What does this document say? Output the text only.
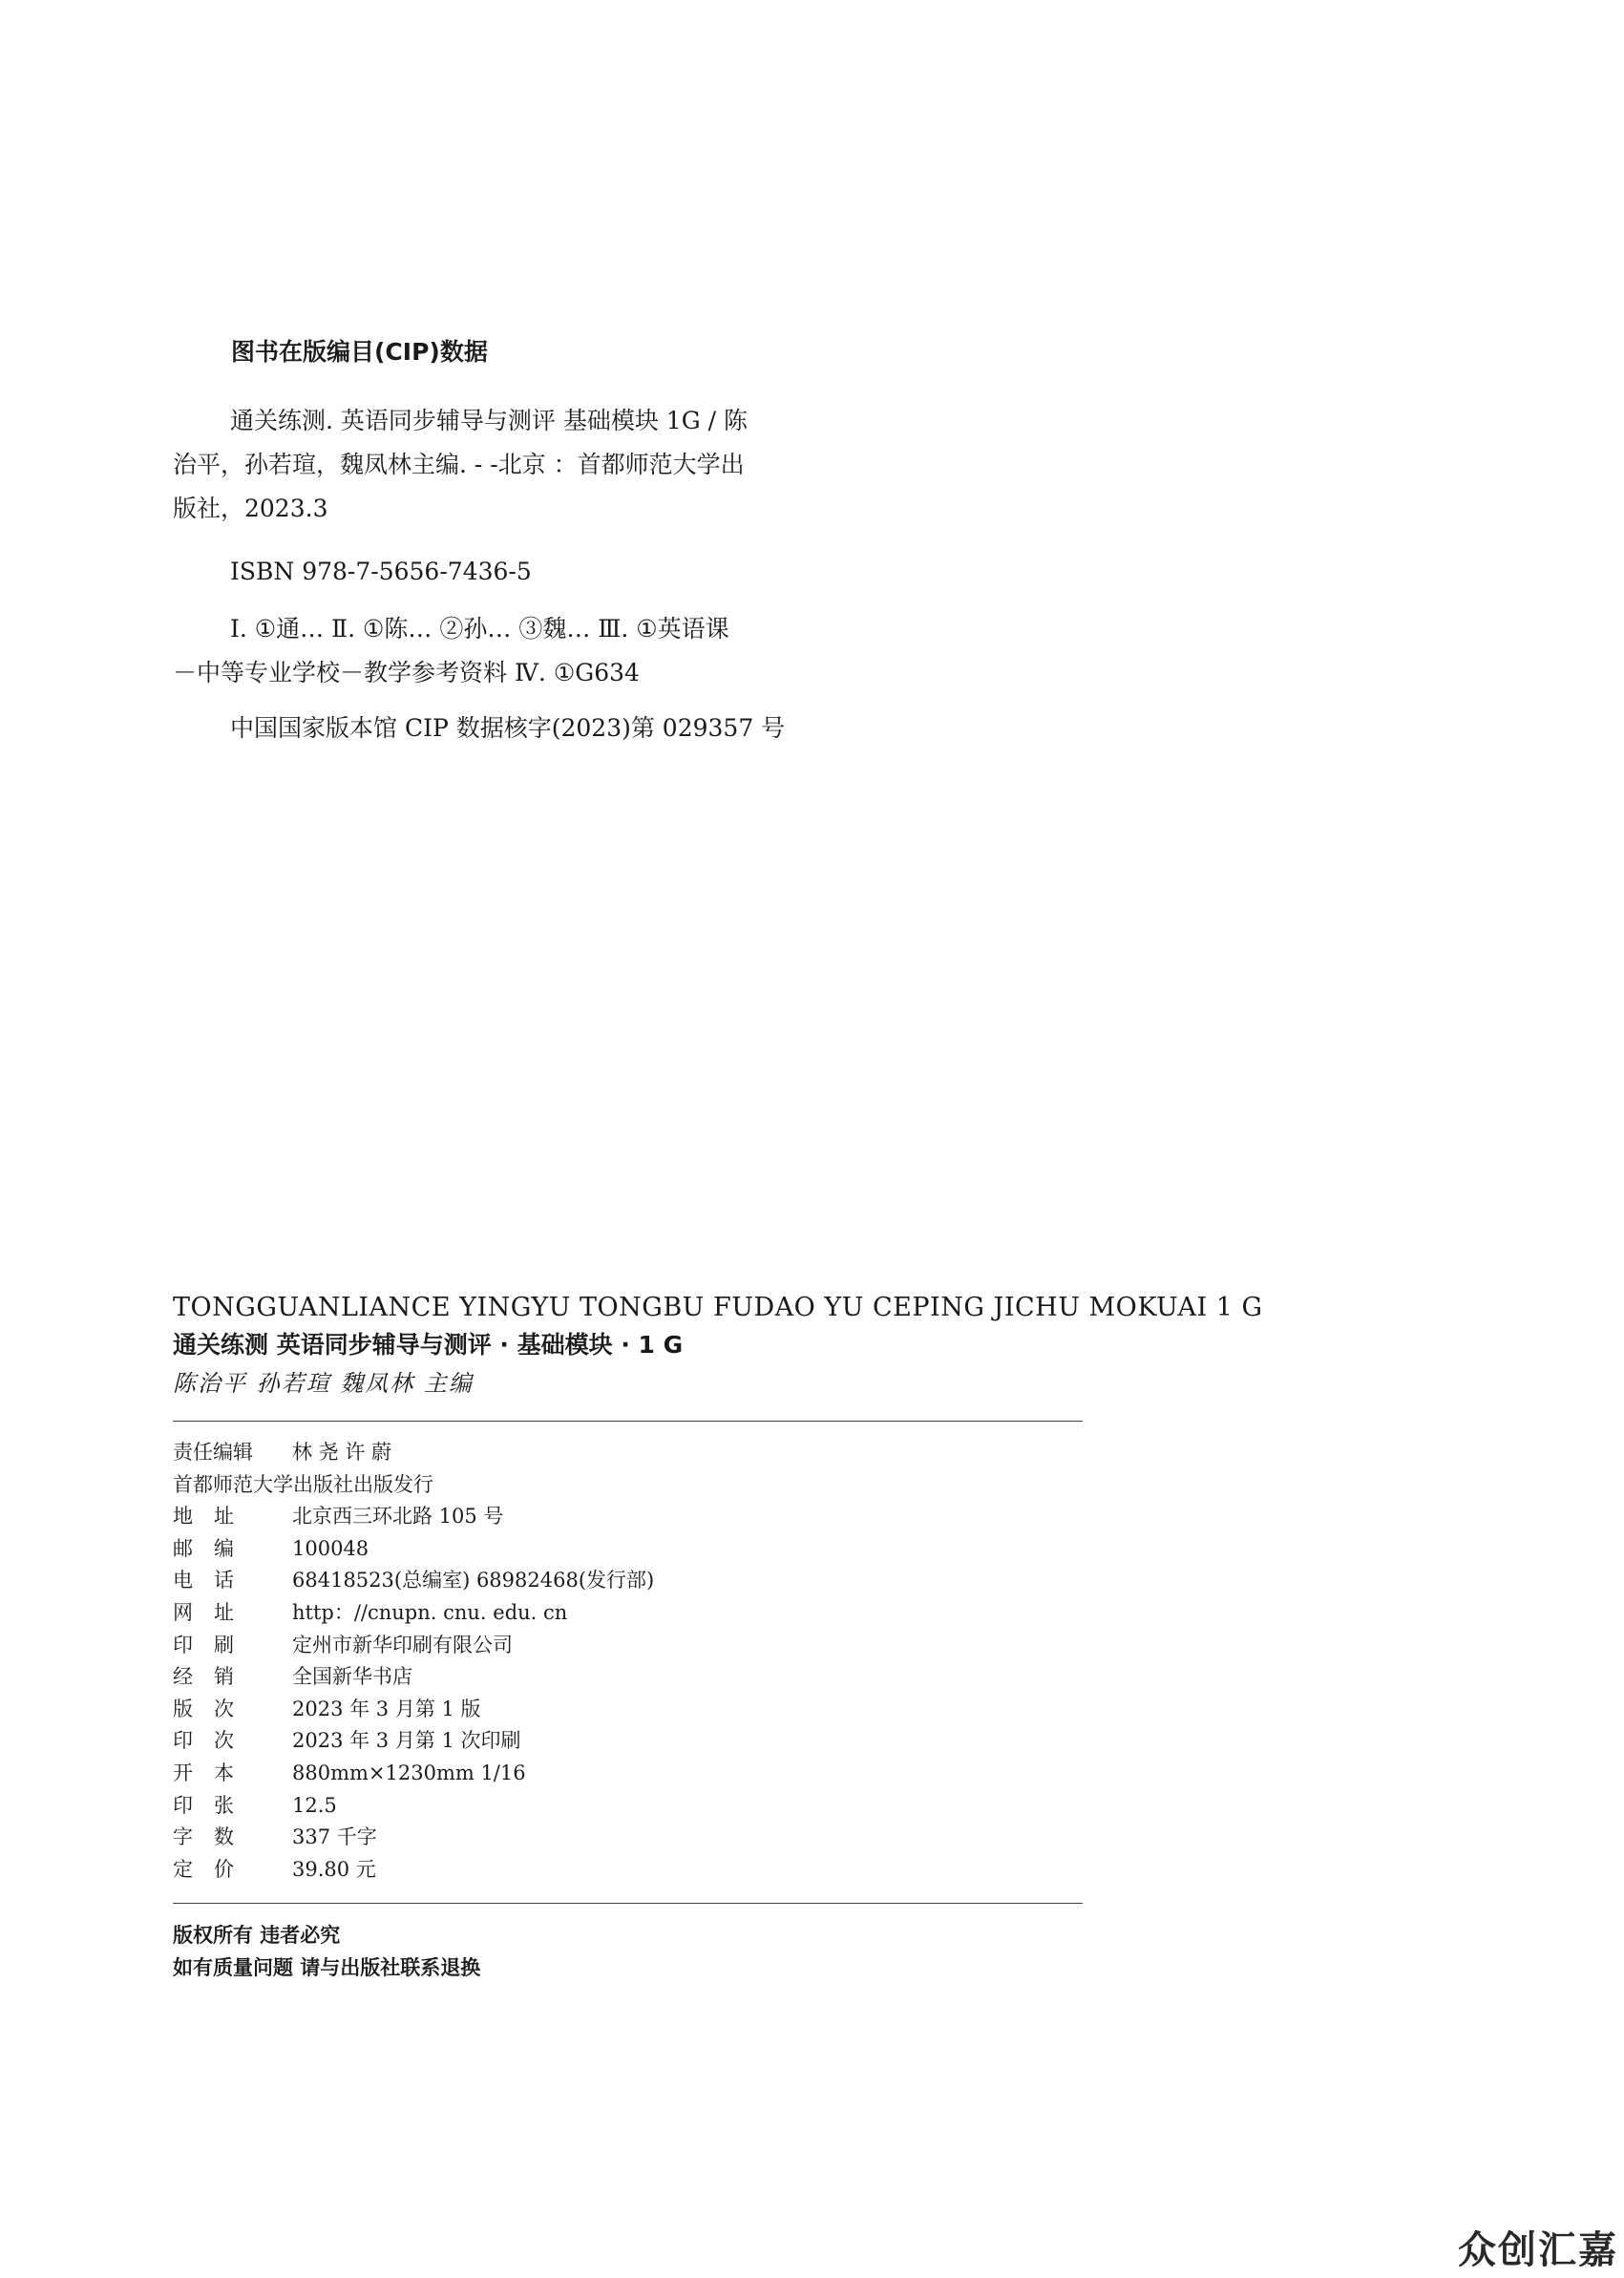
图书在版编目(CIP)数据

通关练测. 英语同步辅导与测评 基础模块 1G / 陈
治平，孙若瑄，魏凤林主编. - -北京 ：首都师范大学出
版社，2023.3

ISBN 978-7-5656-7436-5

Ⅰ. ①通… Ⅱ. ①陈… ②孙… ③魏… Ⅲ. ①英语课
－中等专业学校－教学参考资料 Ⅳ. ①G634

中国国家版本馆 CIP 数据核字(2023)第 029357 号

TONGGUANLIANCE YINGYU TONGBU FUDAO YU CEPING JICHU MOKUAI 1 G
通关练测 英语同步辅导与测评 · 基础模块 · 1 G
陈治平 孙若瑄 魏凤林 主编
责任编辑	林 尧 许 蔚
首都师范大学出版社出版发行
地 址	北京西三环北路 105 号
邮 编	100048
电 话	68418523(总编室) 68982468(发行部)
网 址	http：//cnupn. cnu. edu. cn
印 刷	定州市新华印刷有限公司
经 销	全国新华书店
版 次	2023 年 3 月第 1 版
印 次	2023 年 3 月第 1 次印刷
开 本	880mm×1230mm 1/16
印 张	12.5
字 数	337 千字
定 价	39.80 元
版权所有 违者必究
如有质量问题 请与出版社联系退换
众创汇嘉
